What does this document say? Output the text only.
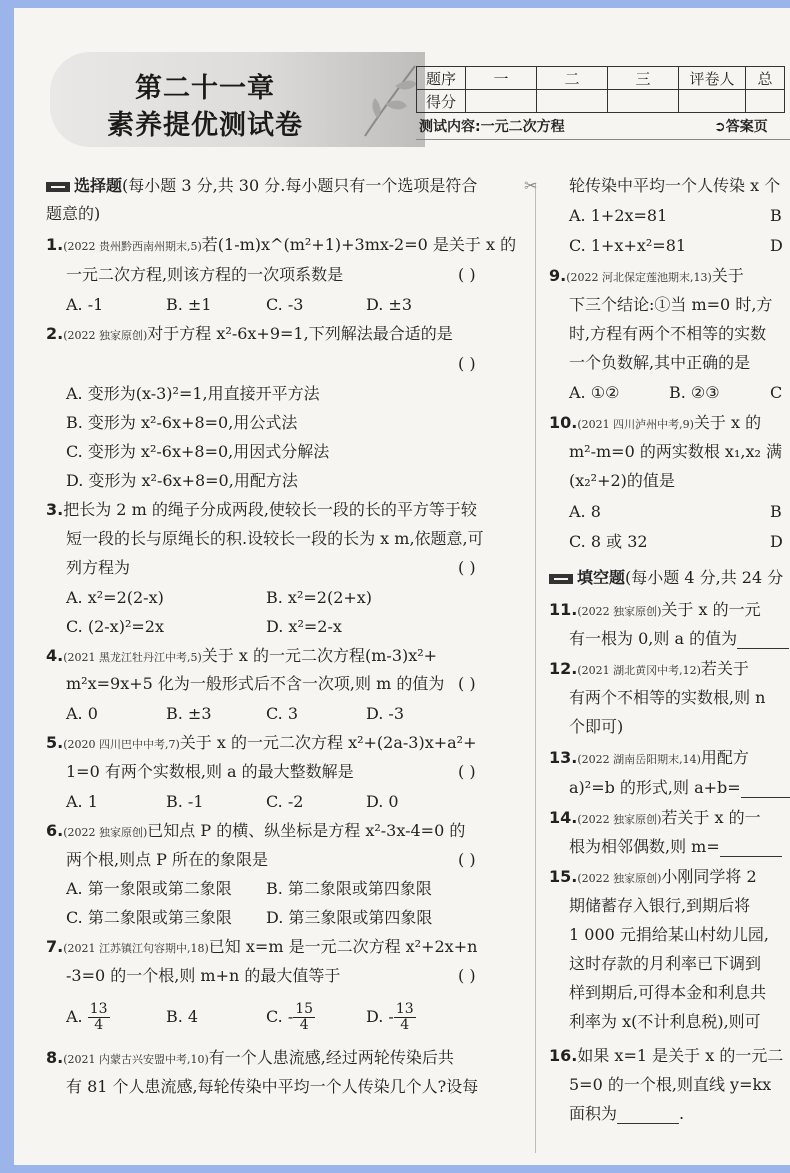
第二十一章
素养提优测试卷
题序	一	二	三	评卷人	总
得分					
测试内容:一元二次方程	➲答案页
✂
选择题(每小题 3 分,共 30 分.每小题只有一个选项是符合
题意的)
1.(2022 贵州黔西南州期末,5)若(1-m)x^(m²+1)+3mx-2=0 是关于 x 的
一元二次方程,则该方程的一次项系数是	( )
A. -1	B. ±1	C. -3	D. ±3
2.(2022 独家原创)对于方程 x²-6x+9=1,下列解法最合适的是
( )
A. 变形为(x-3)²=1,用直接开平方法
B. 变形为 x²-6x+8=0,用公式法
C. 变形为 x²-6x+8=0,用因式分解法
D. 变形为 x²-6x+8=0,用配方法
3.把长为 2 m 的绳子分成两段,使较长一段的长的平方等于较
短一段的长与原绳长的积.设较长一段的长为 x m,依题意,可
列方程为	( )
A. x²=2(2-x)	B. x²=2(2+x)
C. (2-x)²=2x	D. x²=2-x
4.(2021 黑龙江牡丹江中考,5)关于 x 的一元二次方程(m-3)x²+
m²x=9x+5 化为一般形式后不含一次项,则 m 的值为 ( )
A. 0	B. ±3	C. 3	D. -3
5.(2020 四川巴中中考,7)关于 x 的一元二次方程 x²+(2a-3)x+a²+
1=0 有两个实数根,则 a 的最大整数解是	( )
A. 1	B. -1	C. -2	D. 0
6.(2022 独家原创)已知点 P 的横、纵坐标是方程 x²-3x-4=0 的
两个根,则点 P 所在的象限是	( )
A. 第一象限或第二象限 B. 第二象限或第四象限
C. 第二象限或第三象限 D. 第三象限或第四象限
7.(2021 江苏镇江句容期中,18)已知 x=m 是一元二次方程 x²+2x+n
-3=0 的一个根,则 m+n 的最大值等于	( )
A. $\frac{13}{4}$	B. 4	C. - $\frac{15}{4}$	D. - $\frac{13}{4}$
8.(2021 内蒙古兴安盟中考,10)有一个人患流感,经过两轮传染后共
有 81 个人患流感,每轮传染中平均一个人传染几个人?设每
轮传染中平均一个人传染 x 个
A. 1+2x=81	B
C. 1+x+x²=81	D
9.(2022 河北保定莲池期末,13)关于
下三个结论:①当 m=0 时,方
时,方程有两个不相等的实数
一个负数解,其中正确的是
A. ①②	B. ②③	C
10.(2021 四川泸州中考,9)关于 x 的
m²-m=0 的两实数根 x₁,x₂ 满
(x₂²+2)的值是
A. 8	B
C. 8 或 32	D
填空题(每小题 4 分,共 24 分
11.(2022 独家原创)关于 x 的一元
有一根为 0,则 a 的值为
12.(2021 湖北黄冈中考,12)若关于
有两个不相等的实数根,则 n
个即可)
13.(2022 湖南岳阳期末,14)用配方
a)²=b 的形式,则 a+b=
14.(2022 独家原创)若关于 x 的一
根为相邻偶数,则 m=
15.(2022 独家原创)小刚同学将 2
期储蓄存入银行,到期后将
1 000 元捐给某山村幼儿园,
这时存款的月利率已下调到
样到期后,可得本金和利息共
利率为 x(不计利息税),则可
16.如果 x=1 是关于 x 的一元二
5=0 的一个根,则直线 y=kx
面积为	.
